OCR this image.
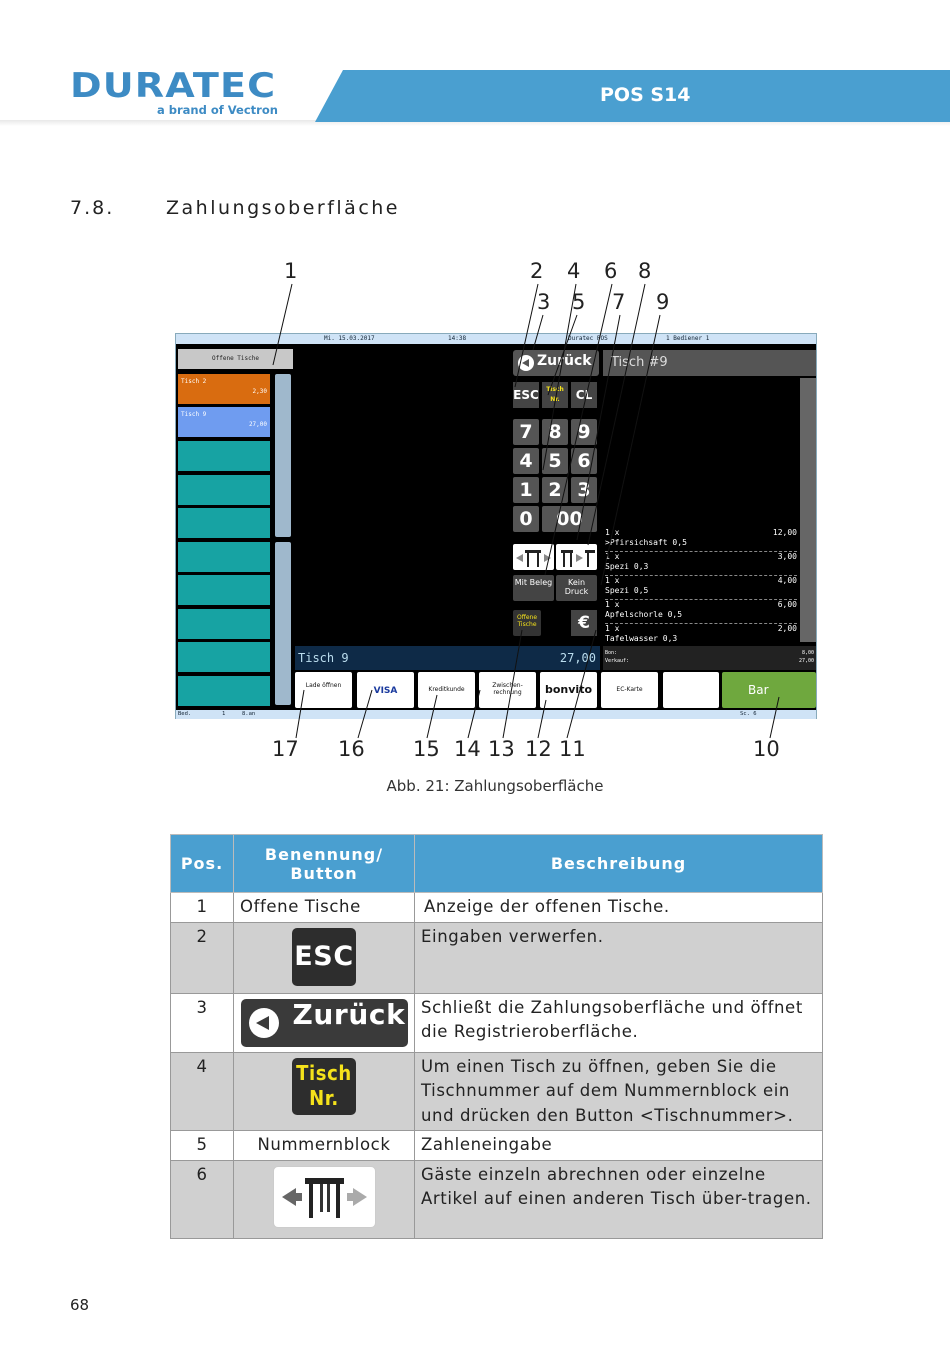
DURATEC
a brand of Vectron
POS S14
7.8.	Zahlungsoberfläche
Mi. 15.03.2017	14:38	Duratec POS	1 Bediener 1
Offene Tische
Tisch 2
2,30
Tisch 9
27,00
Tisch 9	27,00
Zurück	Tisch #9
ESC	Tisch Nr.	CL
7 8 9
4 5 6
1 2 3
0	00
Mit Beleg	Kein Druck
Offene Tische	€
1 x	12,00
>Pfirsichsaft 0,5
1 x	3,00
Spezi 0,3
1 x	4,00
Spezi 0,5
1 x	6,00
Apfelschorle 0,5
1 x	2,00
Tafelwasser 0,3
Bon:	8,00
Verkauf:	27,00
Lade öffnen
VISA	Kreditkunde
Zwischen-rechnung	bonvito	EC-Karte	Bar
Bed.	1	8.an	Sc. 6
1	2 4 6 8
3 5 7 9
17 16 15 14 13 12 11	10
Abb. 21: Zahlungsoberfläche
Pos.	Benennung/ Button	Beschreibung
1	Offene Tische	Anzeige der offenen Tische.
2	ESC	Eingaben verwerfen.
3	Zurück	Schließt die Zahlungsoberfläche und öffnet die Registrieroberfläche.
4	Tisch Nr.	Um einen Tisch zu öffnen, geben Sie die Tischnummer auf dem Nummernblock ein und drücken den Button <Tischnummer>.
5	Nummernblock	Zahleneingabe
6		Gäste einzeln abrechnen oder einzelne Artikel auf einen anderen Tisch über-tragen.
68
